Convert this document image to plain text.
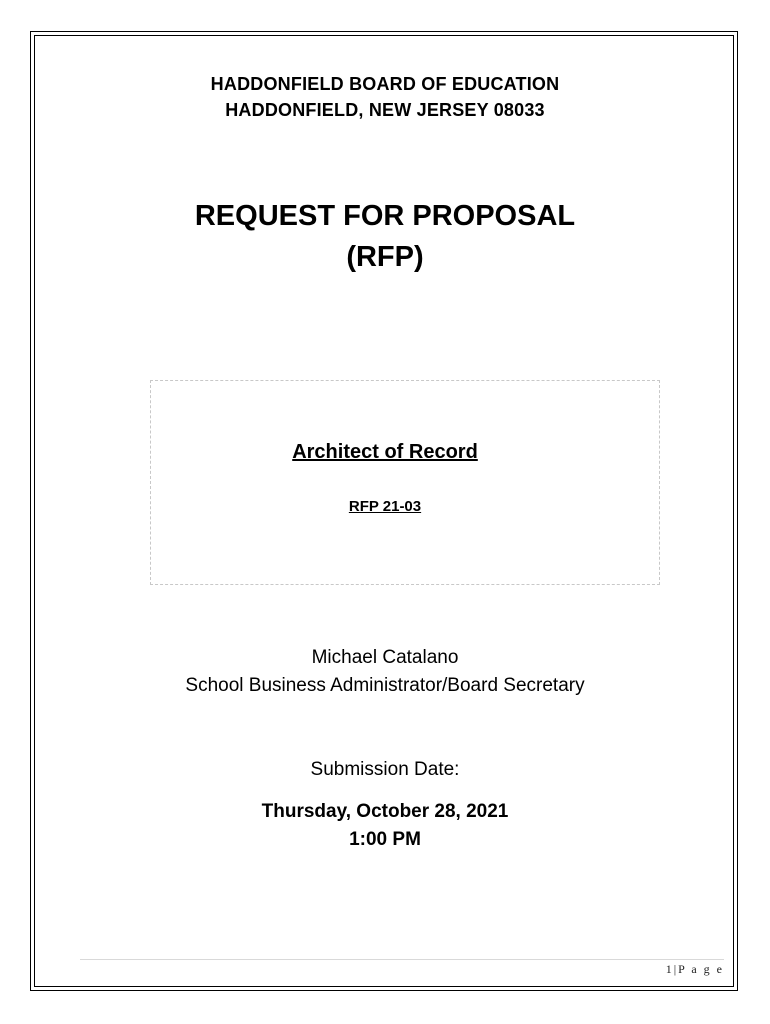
HADDONFIELD BOARD OF EDUCATION
HADDONFIELD, NEW JERSEY 08033
REQUEST FOR PROPOSAL
(RFP)
Architect of Record
RFP 21-03
Michael Catalano
School Business Administrator/Board Secretary
Submission Date:
Thursday, October 28, 2021
1:00 PM
1|P a g e
